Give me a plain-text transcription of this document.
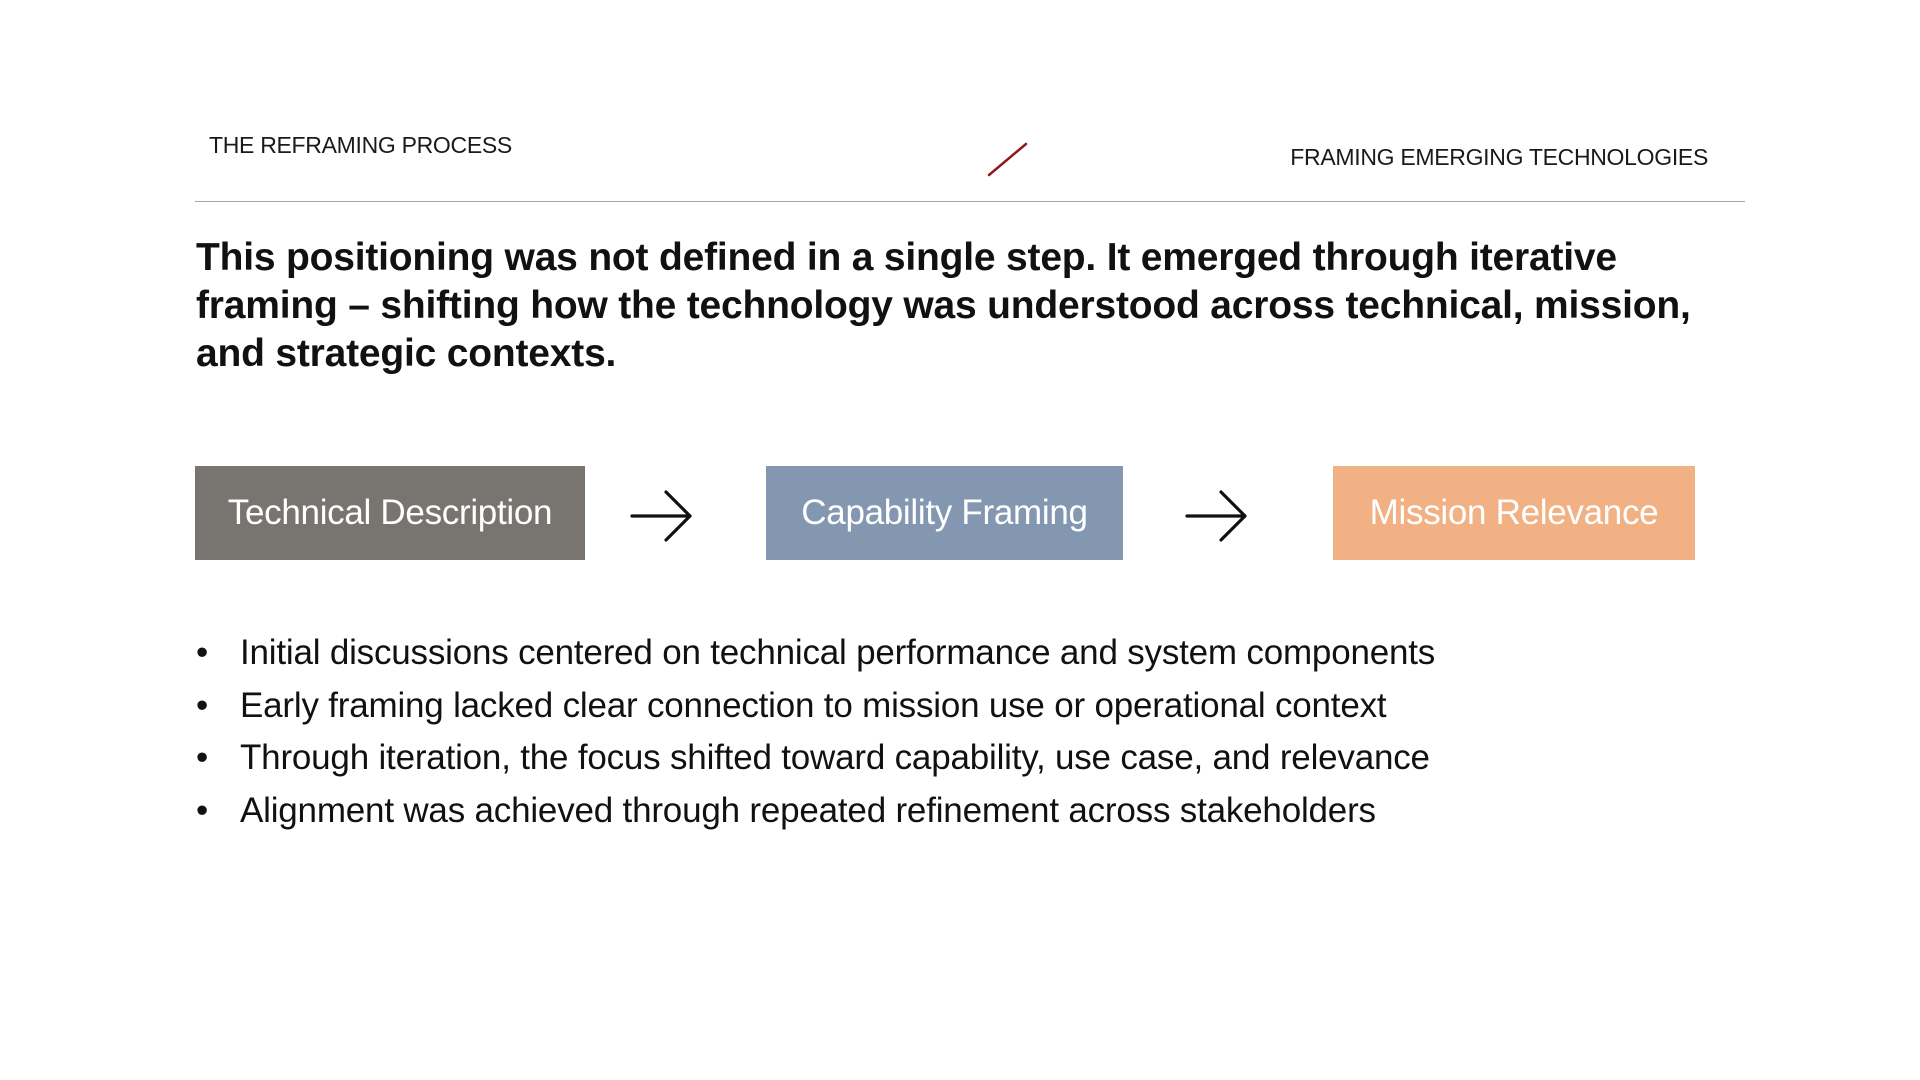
THE REFRAMING PROCESS	FRAMING EMERGING TECHNOLOGIES
This positioning was not defined in a single step. It emerged through iterative framing – shifting how the technology was understood across technical, mission, and strategic contexts.
Technical Description	Capability Framing	Mission Relevance
• Initial discussions centered on technical performance and system components
• Early framing lacked clear connection to mission use or operational context
• Through iteration, the focus shifted toward capability, use case, and relevance
• Alignment was achieved through repeated refinement across stakeholders
